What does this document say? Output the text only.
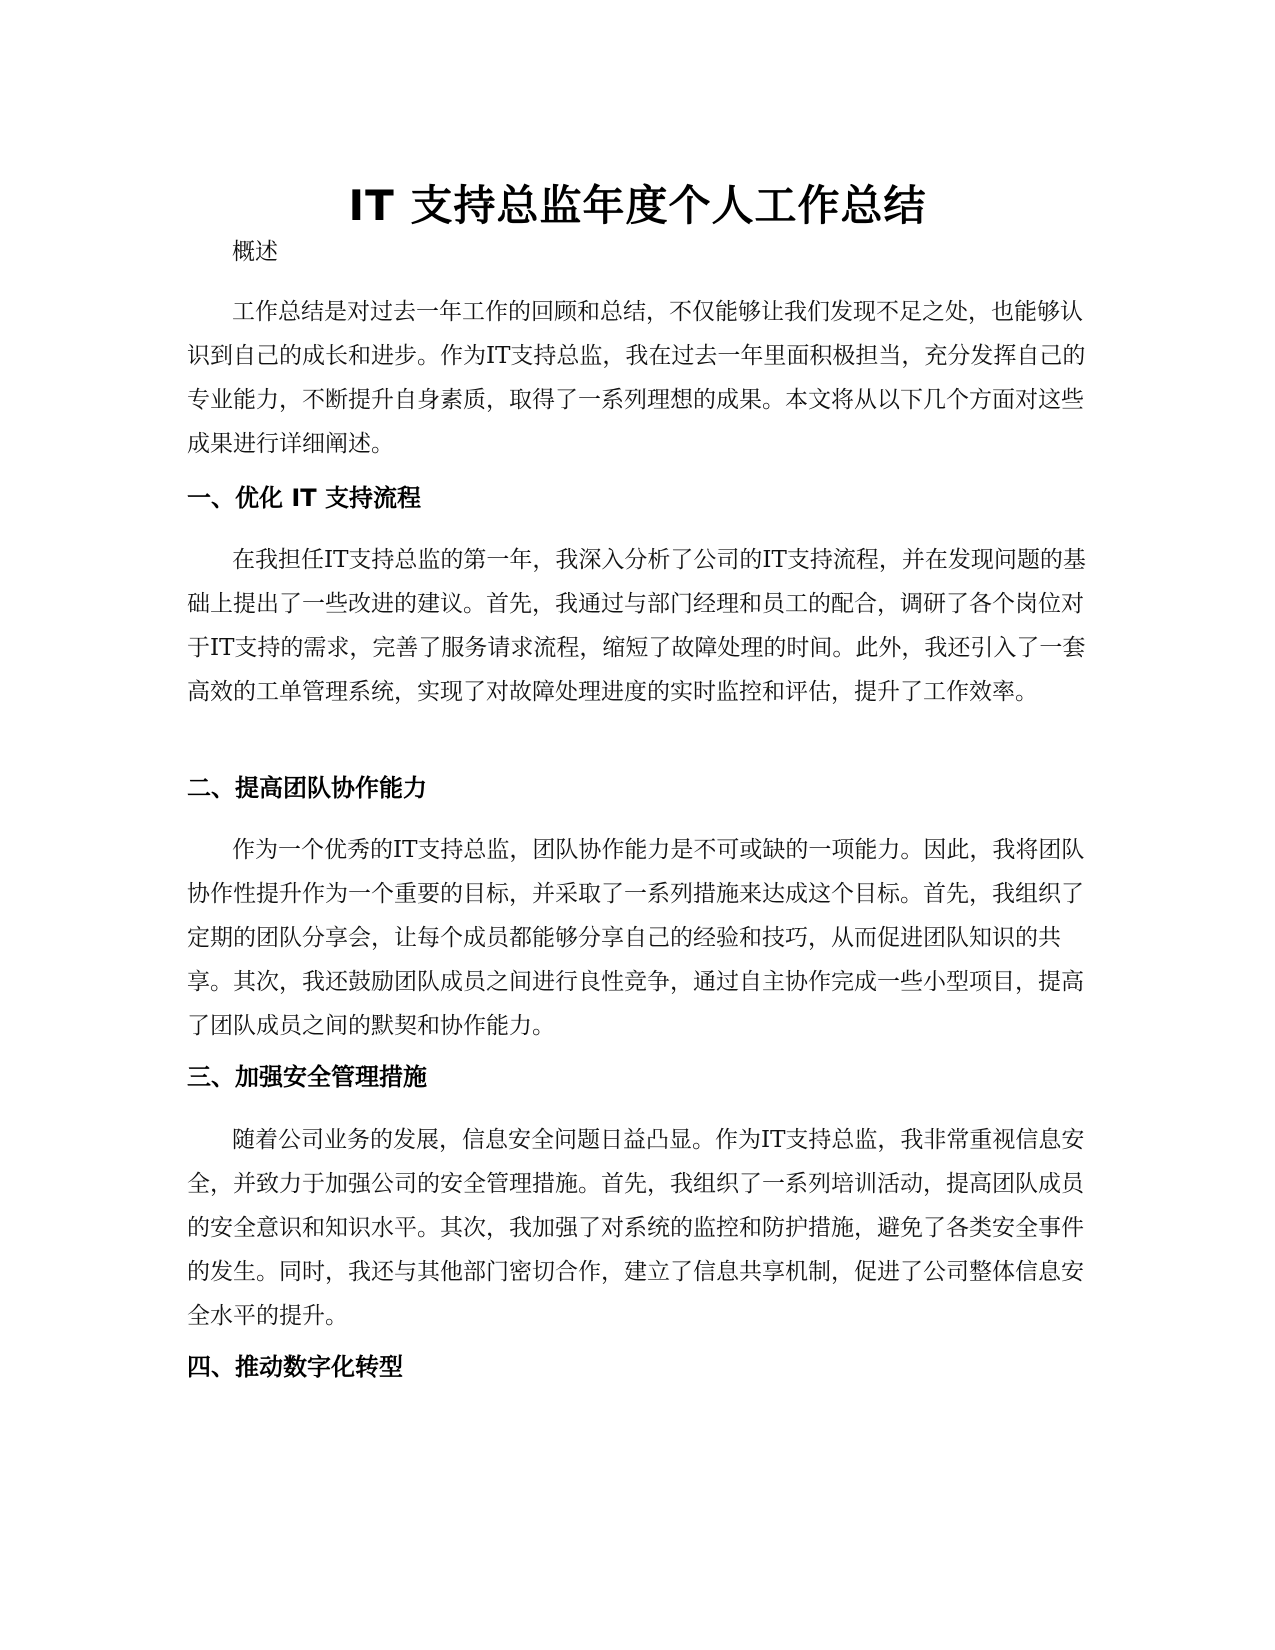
IT 支持总监年度个人工作总结

概述

工作总结是对过去一年工作的回顾和总结，不仅能够让我们发现不足之处，也能够认识到自己的成长和进步。作为IT支持总监，我在过去一年里面积极担当，充分发挥自己的专业能力，不断提升自身素质，取得了一系列理想的成果。本文将从以下几个方面对这些成果进行详细阐述。

一、优化 IT 支持流程

在我担任IT支持总监的第一年，我深入分析了公司的IT支持流程，并在发现问题的基础上提出了一些改进的建议。首先，我通过与部门经理和员工的配合，调研了各个岗位对于IT支持的需求，完善了服务请求流程，缩短了故障处理的时间。此外，我还引入了一套高效的工单管理系统，实现了对故障处理进度的实时监控和评估，提升了工作效率。

二、提高团队协作能力

作为一个优秀的IT支持总监，团队协作能力是不可或缺的一项能力。因此，我将团队协作性提升作为一个重要的目标，并采取了一系列措施来达成这个目标。首先，我组织了定期的团队分享会，让每个成员都能够分享自己的经验和技巧，从而促进团队知识的共享。其次，我还鼓励团队成员之间进行良性竞争，通过自主协作完成一些小型项目，提高了团队成员之间的默契和协作能力。

三、加强安全管理措施

随着公司业务的发展，信息安全问题日益凸显。作为IT支持总监，我非常重视信息安全，并致力于加强公司的安全管理措施。首先，我组织了一系列培训活动，提高团队成员的安全意识和知识水平。其次，我加强了对系统的监控和防护措施，避免了各类安全事件的发生。同时，我还与其他部门密切合作，建立了信息共享机制，促进了公司整体信息安全水平的提升。

四、推动数字化转型
